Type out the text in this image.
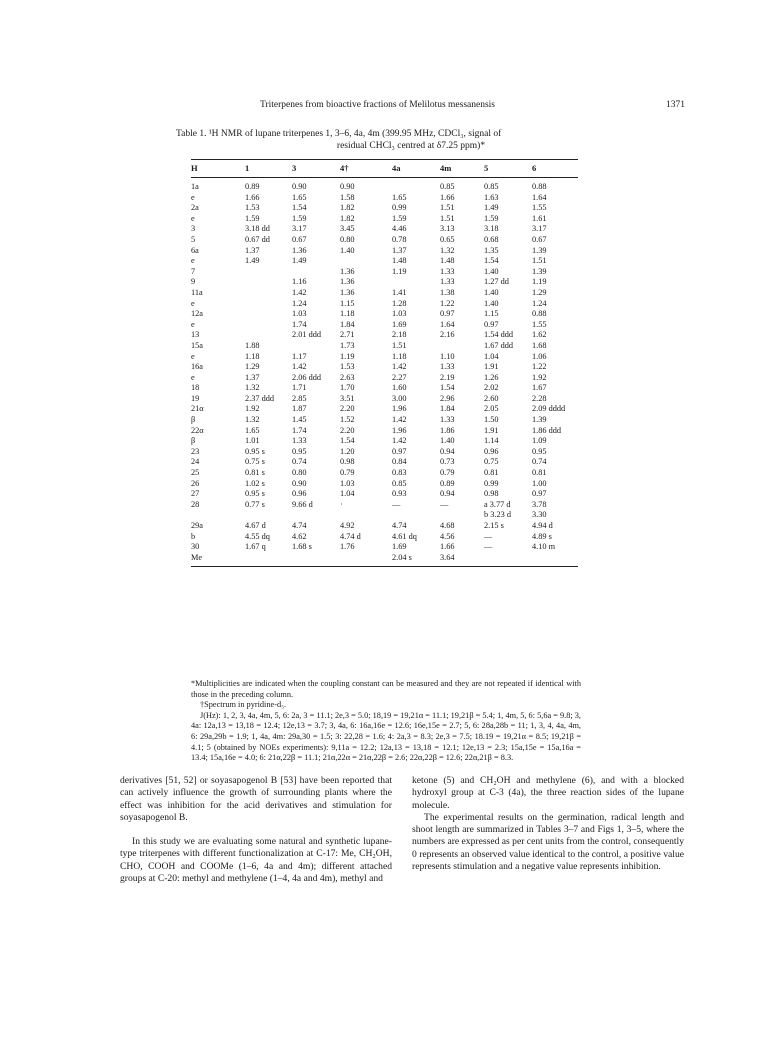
Triterpenes from bioactive fractions of Melilotus messanensis	1371
Table 1. ¹H NMR of lupane triterpenes 1, 3–6, 4a, 4m (399.95 MHz, CDCl₃, signal of
residual CHCl₃ centred at δ7.25 ppm)*
H	1	3	4†	4a	4m	5	6
1a	0.89	0.90	0.90		0.85	0.85	0.88
e	1.66	1.65	1.58	1.65	1.66	1.63	1.64
2a	1.53	1.54	1.82	0.99	1.51	1.49	1.55
e	1.59	1.59	1.82	1.59	1.51	1.59	1.61
3	3.18 dd	3.17	3.45	4.46	3.13	3.18	3.17
5	0.67 dd	0.67	0.80	0.78	0.65	0.68	0.67
6a	1.37	1.36	1.40	1.37	1.32	1.35	1.39
e	1.49	1.49		1.48	1.48	1.54	1.51
7			1.36	1.19	1.33	1.40	1.39
9		1.16	1.36		1.33	1.27 dd	1.19
11a		1.42	1.36	1.41	1.38	1.40	1.29
e		1.24	1.15	1.28	1.22	1.40	1.24
12a		1.03	1.18	1.03	0.97	1.15	0.88
e		1.74	1.84	1.69	1.64	0.97	1.55
13		2.01 ddd	2.71	2.18	2.16	1.54 ddd	1.62
15a	1.88		1.73	1.51		1.67 ddd	1.68
e	1.18	1.17	1.19	1.18	1.10	1.04	1.06
16a	1.29	1.42	1.53	1.42	1.33	1.91	1.22
e	1.37	2.06 ddd	2.63	2.27	2.19	1.26	1.92
18	1.32	1.71	1.70	1.60	1.54	2.02	1.67
19	2.37 ddd	2.85	3.51	3.00	2.96	2.60	2.28
21α	1.92	1.87	2.20	1.96	1.84	2.05	2.09 dddd
β	1.32	1.45	1.52	1.42	1.33	1.50	1.39
22α	1.65	1.74	2.20	1.96	1.86	1.91	1.86 ddd
β	1.01	1.33	1.54	1.42	1.40	1.14	1.09
23	0.95 s	0.95	1.20	0.97	0.94	0.96	0.95
24	0.75 s	0.74	0.98	0.84	0.73	0.75	0.74
25	0.81 s	0.80	0.79	0.83	0.79	0.81	0.81
26	1.02 s	0.90	1.03	0.85	0.89	0.99	1.00
27	0.95 s	0.96	1.04	0.93	0.94	0.98	0.97
28	0.77 s	9.66 d	·	—	—	a 3.77 d	3.78
						b 3.23 d	3.30
29a	4.67 d	4.74	4.92	4.74	4.68	2.15 s	4.94 d
b	4.55 dq	4.62	4.74 d	4.61 dq	4.56	—	4.89 s
30	1.67 q	1.68 s	1.76	1.69	1.66	—	4.10 m
Me				2.04 s	3.64		

*Multiplicities are indicated when the coupling constant can be measured and they are not repeated if identical with those in the preceding column.

†Spectrum in pyridine-d₅.

J(Hz): 1, 2, 3, 4a, 4m, 5, 6: 2a, 3 = 11.1; 2e,3 = 5.0; 18,19 = 19,21α = 11.1; 19,21β = 5.4; 1, 4m, 5, 6: 5,6a = 9.8; 3, 4a: 12a,13 = 13,18 = 12.4; 12e,13 = 3.7; 3, 4a, 6: 16a,16e = 12.6; 16e,15e = 2.7; 5, 6: 28a,28b = 11; 1, 3, 4, 4a, 4m, 6: 29a,29b = 1.9; 1, 4a, 4m: 29a,30 = 1.5; 3: 22,28 = 1.6; 4: 2a,3 = 8.3; 2e,3 = 7.5; 18.19 = 19,21α = 8.5; 19,21β = 4.1; 5 (obtained by NOEs experiments): 9,11a = 12.2; 12a,13 = 13,18 = 12.1; 12e,13 = 2.3; 15a,15e = 15a,16a = 13.4; 15a,16e = 4.0; 6: 21α,22β = 11.1; 21α,22α = 21α,22β = 2.6; 22α,22β = 12.6; 22α,21β = 8.3.

derivatives [51, 52] or soyasapogenol B [53] have been reported that can actively influence the growth of surrounding plants where the effect was inhibition for the acid derivatives and stimulation for soyasapogenol B.

In this study we are evaluating some natural and synthetic lupane-type triterpenes with different functionalization at C-17: Me, CH₂OH, CHO, COOH and COOMe (1–6, 4a and 4m); different attached groups at C-20: methyl and methylene (1–4, 4a and 4m), methyl and

ketone (5) and CH₂OH and methylene (6), and with a blocked hydroxyl group at C-3 (4a), the three reaction sides of the lupane molecule.

The experimental results on the germination, radical length and shoot length are summarized in Tables 3–7 and Figs 1, 3–5, where the numbers are expressed as per cent units from the control, consequently 0 represents an observed value identical to the control, a positive value represents stimulation and a negative value represents inhibition.
